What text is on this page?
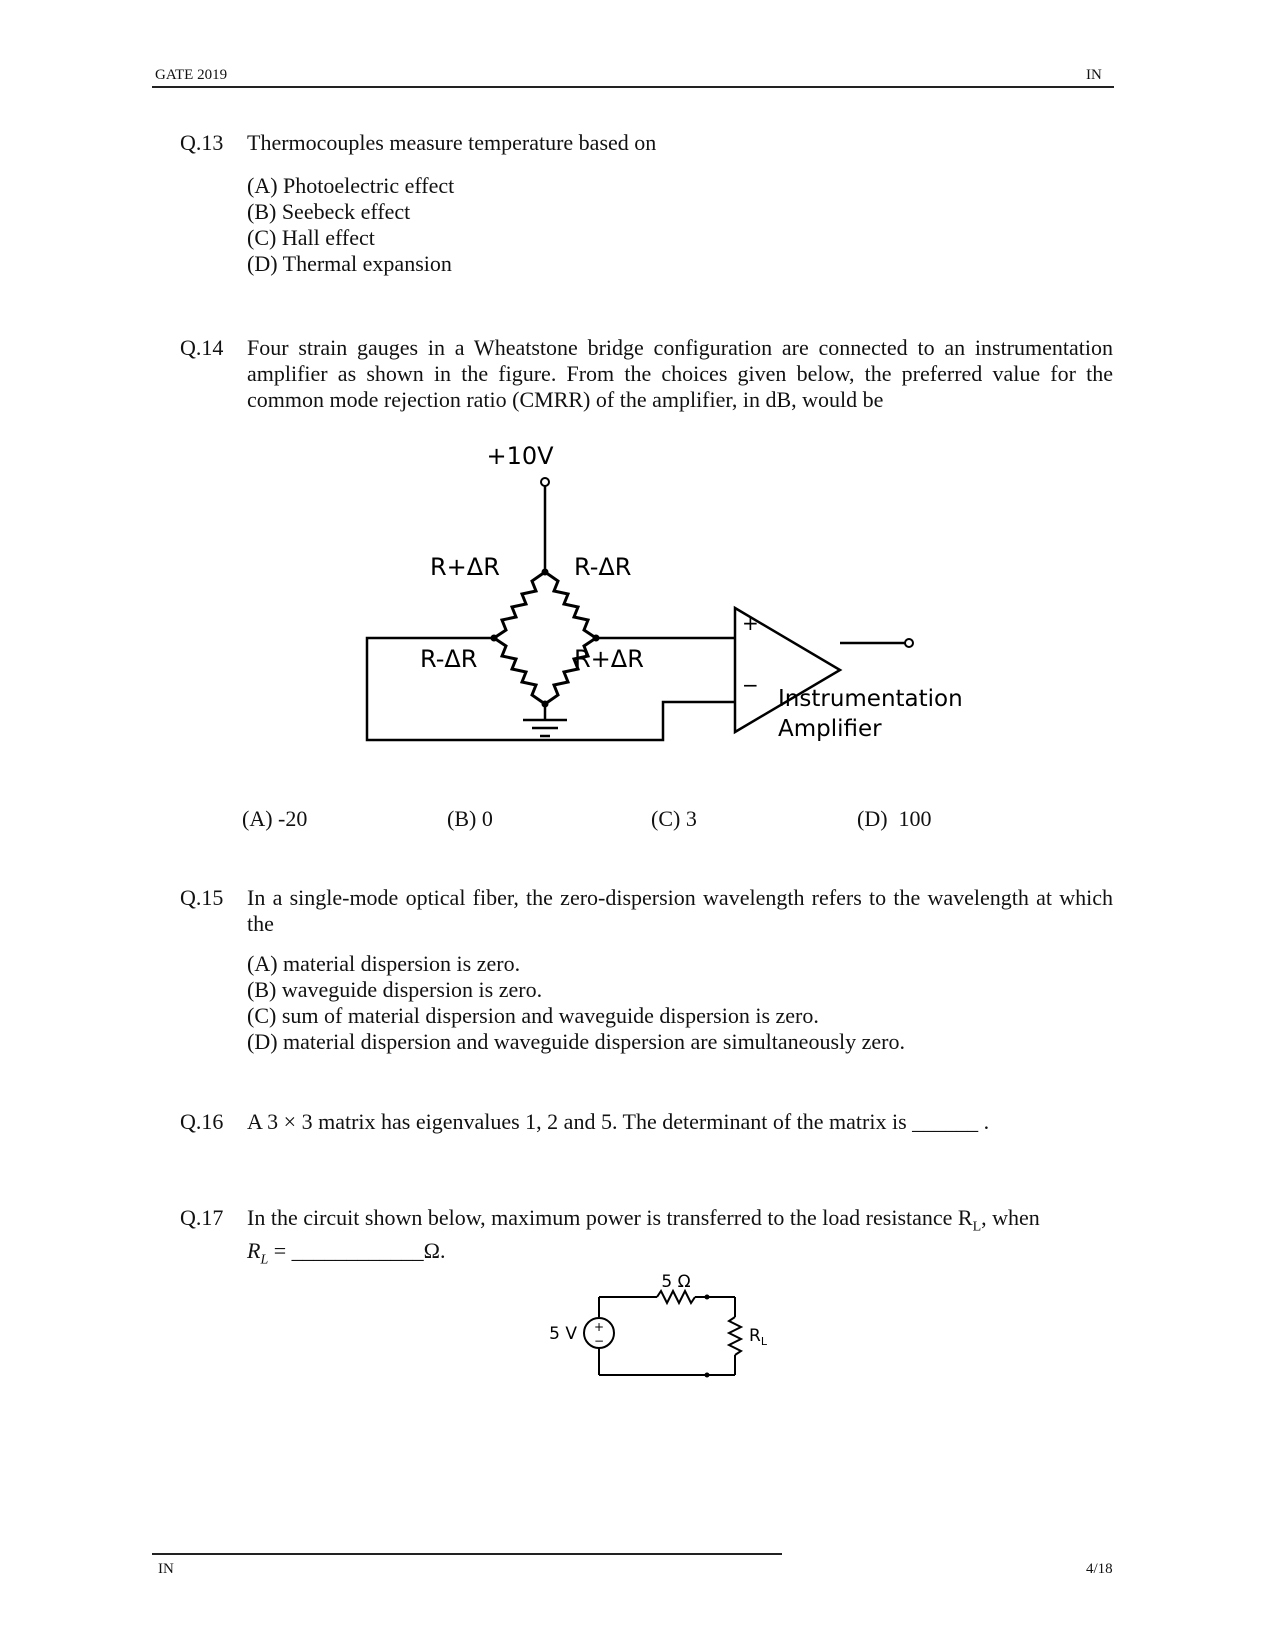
GATE 2019	IN
Q.13 Thermocouples measure temperature based on
(A) Photoelectric effect
(B) Seebeck effect
(C) Hall effect
(D) Thermal expansion
Q.14 Four strain gauges in a Wheatstone bridge configuration are connected to an instrumentation amplifier as shown in the figure. From the choices given below, the preferred value for the common mode rejection ratio (CMRR) of the amplifier, in dB, would be
+10V
R+ΔR	R-ΔR
R-ΔR	R+ΔR
+
−
Instrumentation
Amplifier
(A) -20	(B) 0	(C) 3	(D)  100
Q.15 In a single-mode optical fiber, the zero-dispersion wavelength refers to the wavelength at which the
(A) material dispersion is zero.
(B) waveguide dispersion is zero.
(C) sum of material dispersion and waveguide dispersion is zero.
(D) material dispersion and waveguide dispersion are simultaneously zero.
Q.16 A 3 × 3 matrix has eigenvalues 1, 2 and 5. The determinant of the matrix is ______ .
Q.17 In the circuit shown below, maximum power is transferred to the load resistance $R_L$, when
$R_L$ = ____________Ω.
5 Ω
+
−
5 V	$R_L$
IN	4/18
